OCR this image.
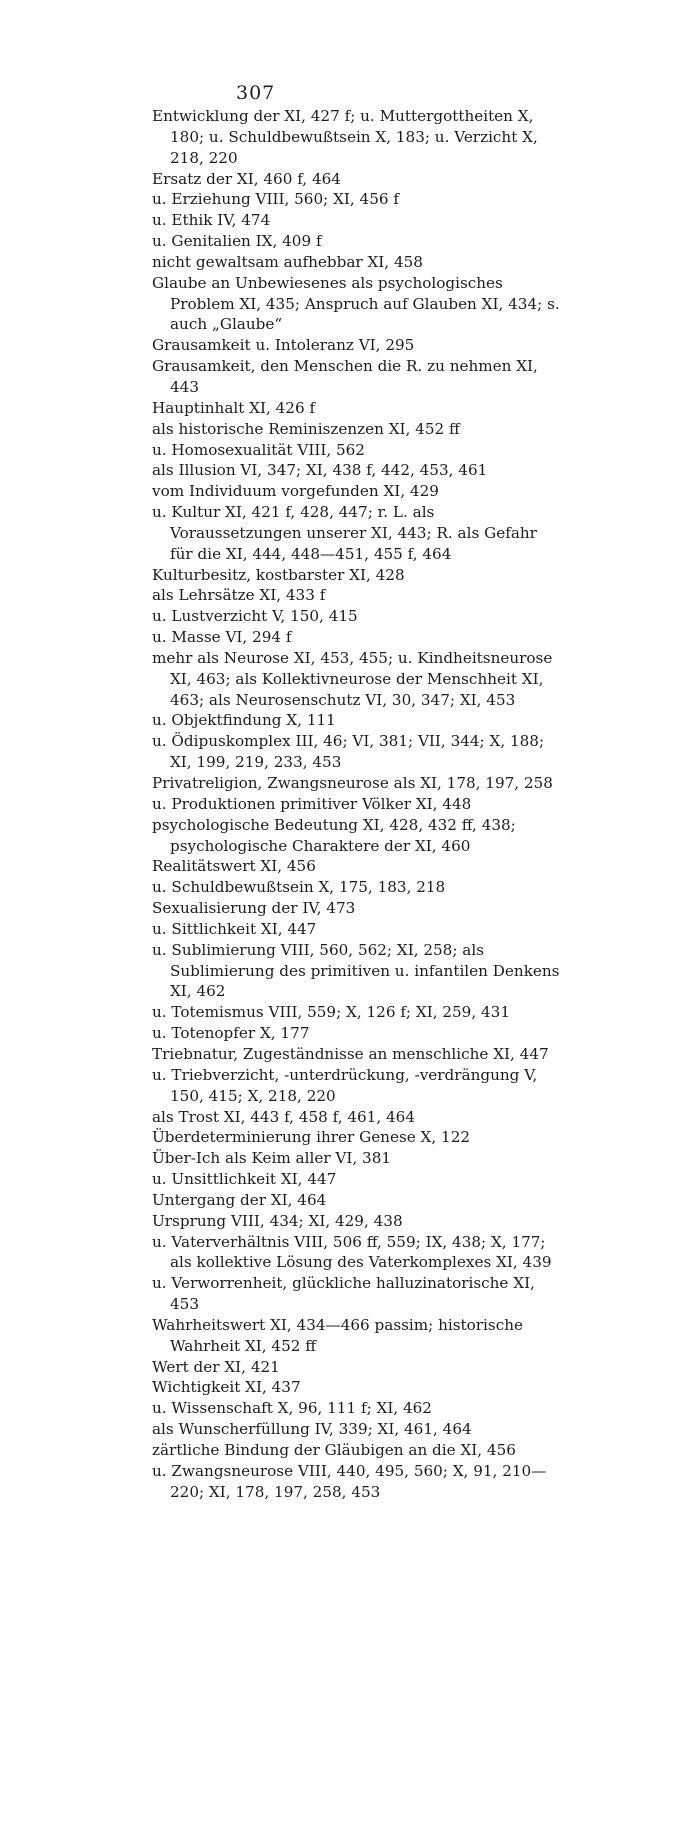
307
Entwicklung der XI, 427 f; u. Muttergottheiten X, 180; u. Schuldbewußtsein X, 183; u. Verzicht X, 218, 220
Ersatz der XI, 460 f, 464
u. Erziehung VIII, 560; XI, 456 f
u. Ethik IV, 474
u. Genitalien IX, 409 f
nicht gewaltsam aufhebbar XI, 458
Glaube an Unbewiesenes als psychologisches Problem XI, 435; Anspruch auf Glauben XI, 434; s. auch „Glaube“
Grausamkeit u. Intoleranz VI, 295
Grausamkeit, den Menschen die R. zu nehmen XI, 443
Hauptinhalt XI, 426 f
als historische Reminiszenzen XI, 452 ff
u. Homosexualität VIII, 562
als Illusion VI, 347; XI, 438 f, 442, 453, 461
vom Individuum vorgefunden XI, 429
u. Kultur XI, 421 f, 428, 447; r. L. als Voraussetzungen unserer XI, 443; R. als Gefahr für die XI, 444, 448—451, 455 f, 464
Kulturbesitz, kostbarster XI, 428
als Lehrsätze XI, 433 f
u. Lustverzicht V, 150, 415
u. Masse VI, 294 f
mehr als Neurose XI, 453, 455; u. Kindheitsneurose XI, 463; als Kollektivneurose der Menschheit XI, 463; als Neurosenschutz VI, 30, 347; XI, 453
u. Objektfindung X, 111
u. Ödipuskomplex III, 46; VI, 381; VII, 344; X, 188; XI, 199, 219, 233, 453
Privatreligion, Zwangsneurose als XI, 178, 197, 258
u. Produktionen primitiver Völker XI, 448
psychologische Bedeutung XI, 428, 432 ff, 438; psychologische Charaktere der XI, 460
Realitätswert XI, 456
u. Schuldbewußtsein X, 175, 183, 218
Sexualisierung der IV, 473
u. Sittlichkeit XI, 447
u. Sublimierung VIII, 560, 562; XI, 258; als Sublimierung des primitiven u. infantilen Denkens XI, 462
u. Totemismus VIII, 559; X, 126 f; XI, 259, 431
u. Totenopfer X, 177
Triebnatur, Zugeständnisse an menschliche XI, 447
u. Triebverzicht, -unterdrückung, -verdrängung V, 150, 415; X, 218, 220
als Trost XI, 443 f, 458 f, 461, 464
Überdeterminierung ihrer Genese X, 122
Über-Ich als Keim aller VI, 381
u. Unsittlichkeit XI, 447
Untergang der XI, 464
Ursprung VIII, 434; XI, 429, 438
u. Vaterverhältnis VIII, 506 ff, 559; IX, 438; X, 177; als kollektive Lösung des Vaterkomplexes XI, 439
u. Verworrenheit, glückliche halluzinatorische XI, 453
Wahrheitswert XI, 434—466 passim; historische Wahrheit XI, 452 ff
Wert der XI, 421
Wichtigkeit XI, 437
u. Wissenschaft X, 96, 111 f; XI, 462
als Wunscherfüllung IV, 339; XI, 461, 464
zärtliche Bindung der Gläubigen an die XI, 456
u. Zwangsneurose VIII, 440, 495, 560; X, 91, 210—220; XI, 178, 197, 258, 453
